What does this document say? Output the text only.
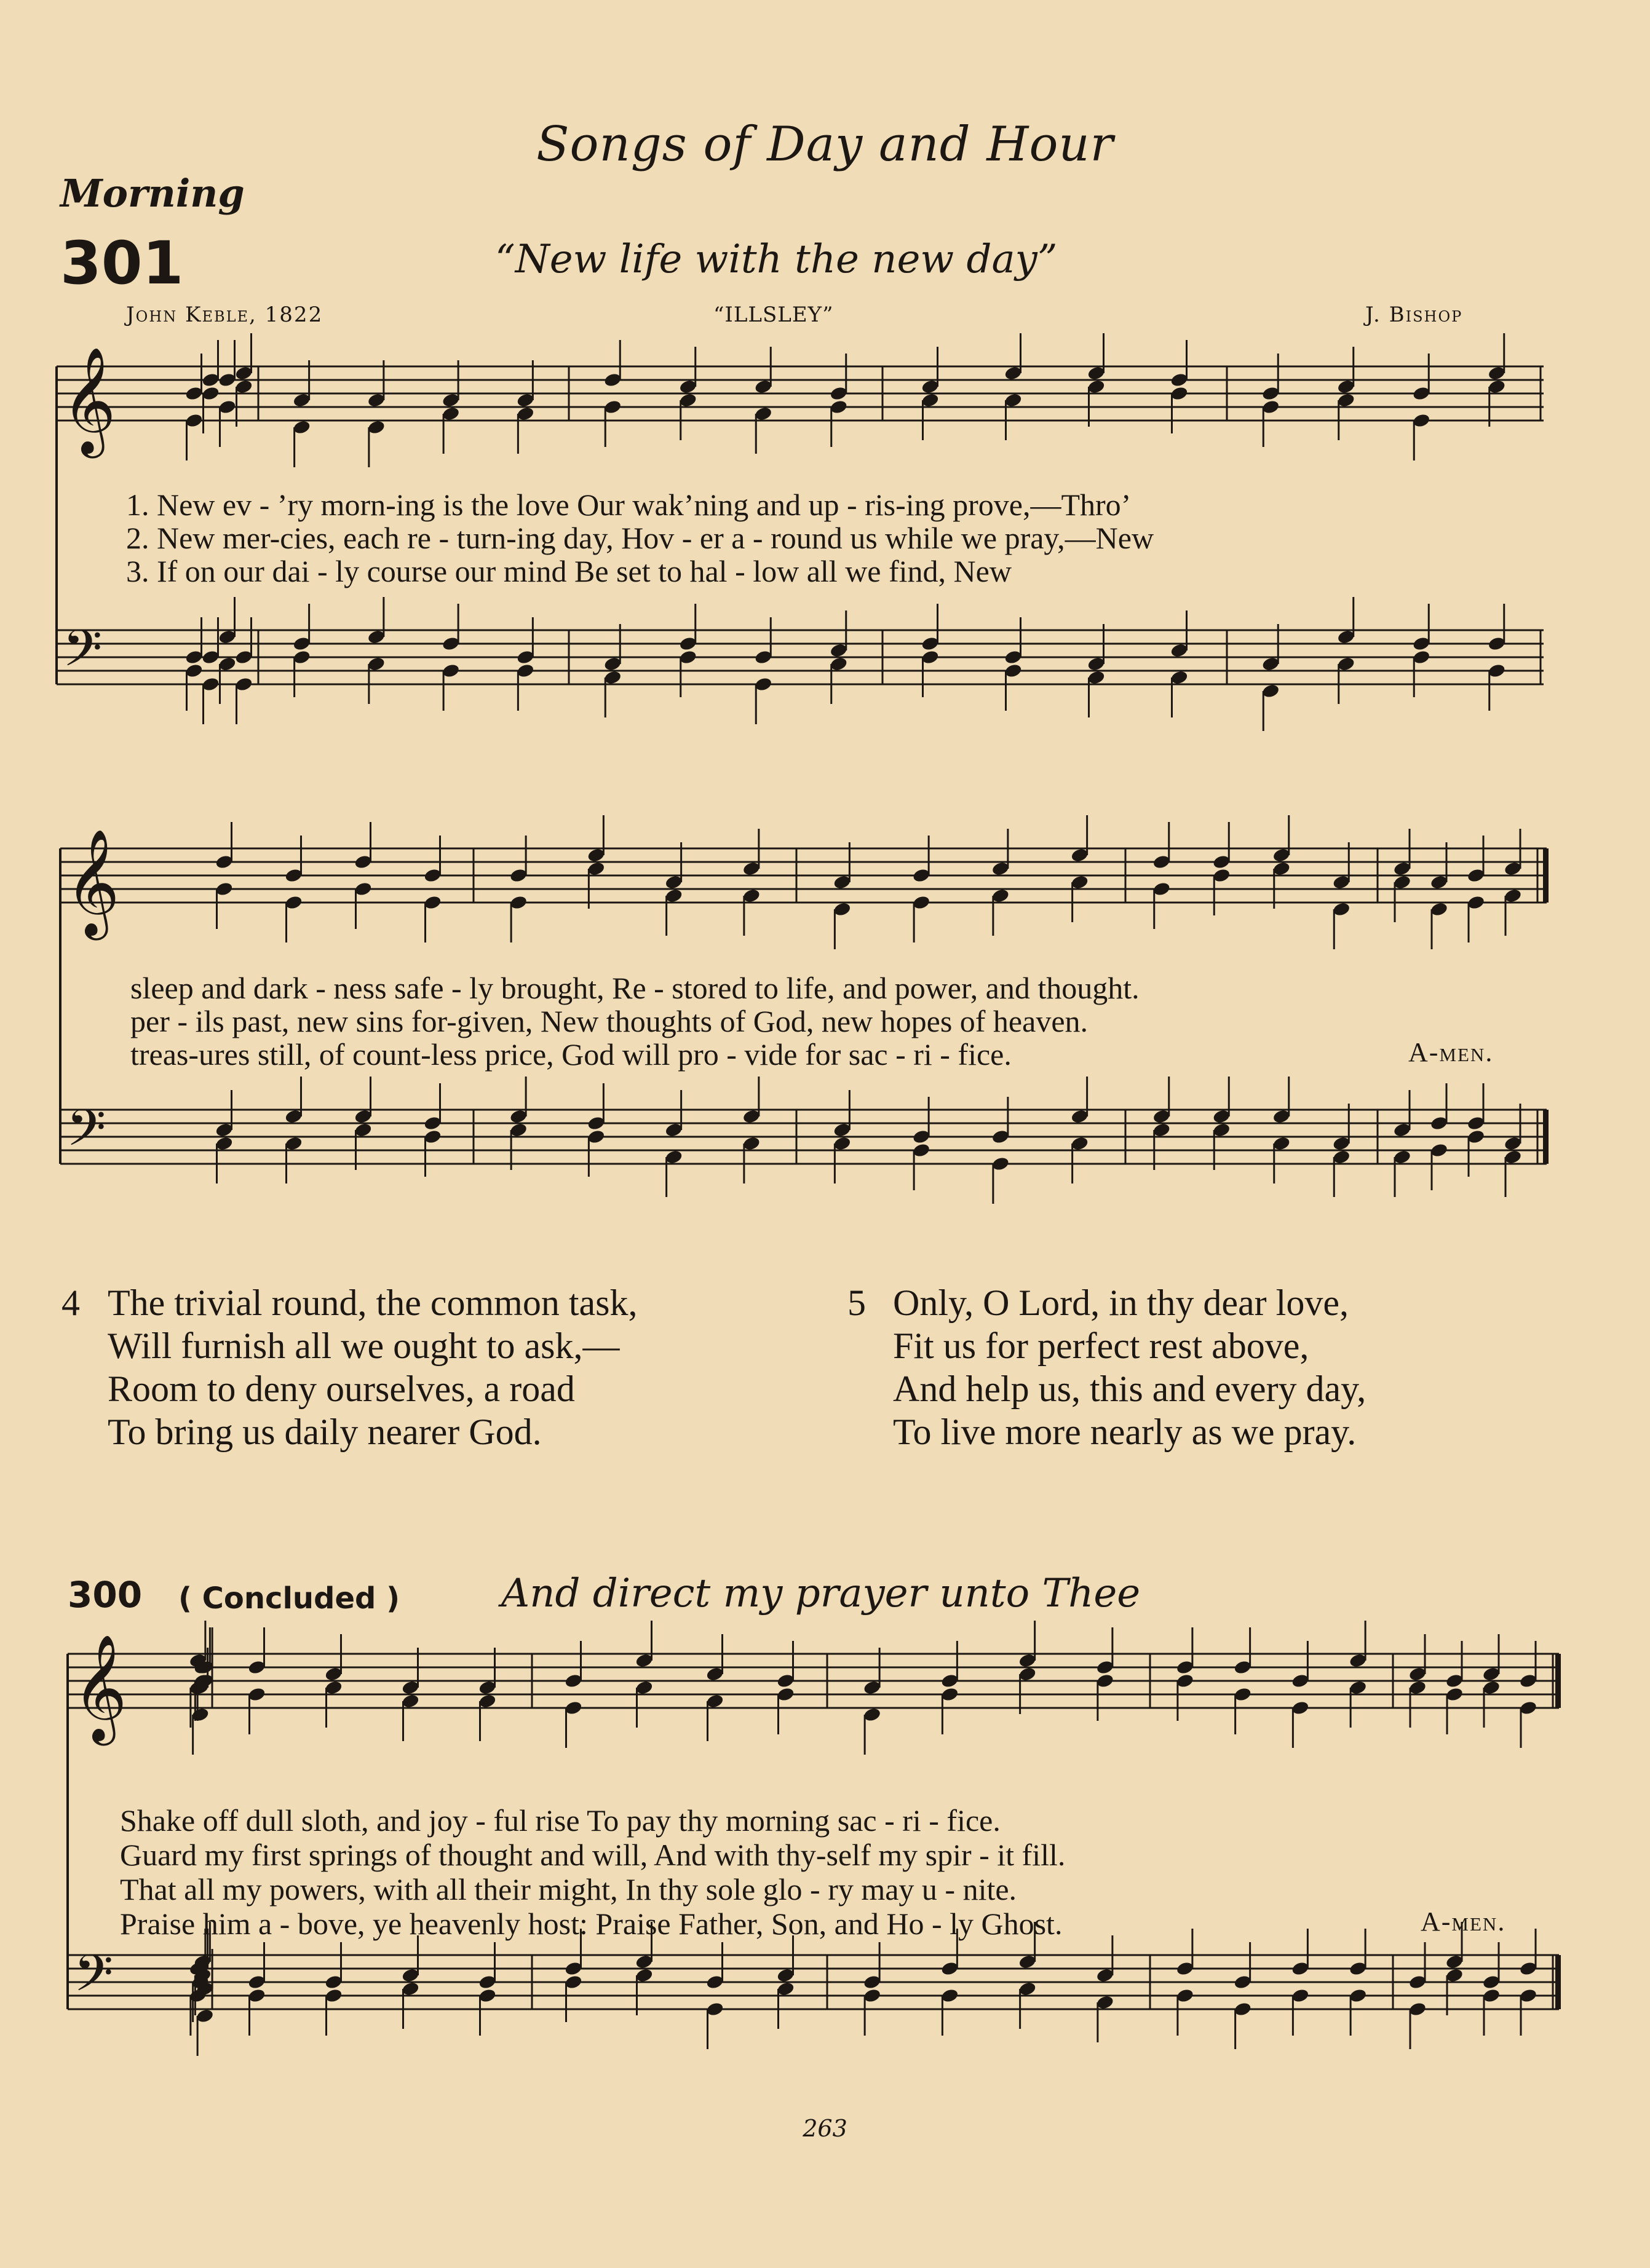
Songs of Day and Hour
Morning
301	“New life with the new day”
John Keble, 1822	“ILLSLEY”	J. Bishop
𝄞
𝄢
𝄞
𝄢
𝄞
𝄢
1. New ev - ’ry morn-ing is the love Our wak’ning and up - ris-ing prove,—Thro’
2. New mer-cies, each re - turn-ing day, Hov - er a - round us while we pray,—New
3. If on our dai - ly course our mind Be set to hal - low all we find, New
sleep and dark - ness safe - ly brought, Re - stored to life, and power, and thought.
per - ils past, new sins for-given, New thoughts of God, new hopes of heaven.
treas-ures still, of count-less price, God will pro - vide for sac - ri - fice.	A-men.
4 The trivial round, the common task,
Will furnish all we ought to ask,—
Room to deny ourselves, a road
To bring us daily nearer God.
5 Only, O Lord, in thy dear love,
Fit us for perfect rest above,
And help us, this and every day,
To live more nearly as we pray.
300 ( Concluded )	And direct my prayer unto Thee
Shake off dull sloth, and joy - ful rise To pay thy morning sac - ri - fice.
Guard my first springs of thought and will, And with thy-self my spir - it fill.
That all my powers, with all their might, In thy sole glo - ry may u - nite.
Praise him a - bove, ye heavenly host: Praise Father, Son, and Ho - ly Ghost.	A-men.
263
